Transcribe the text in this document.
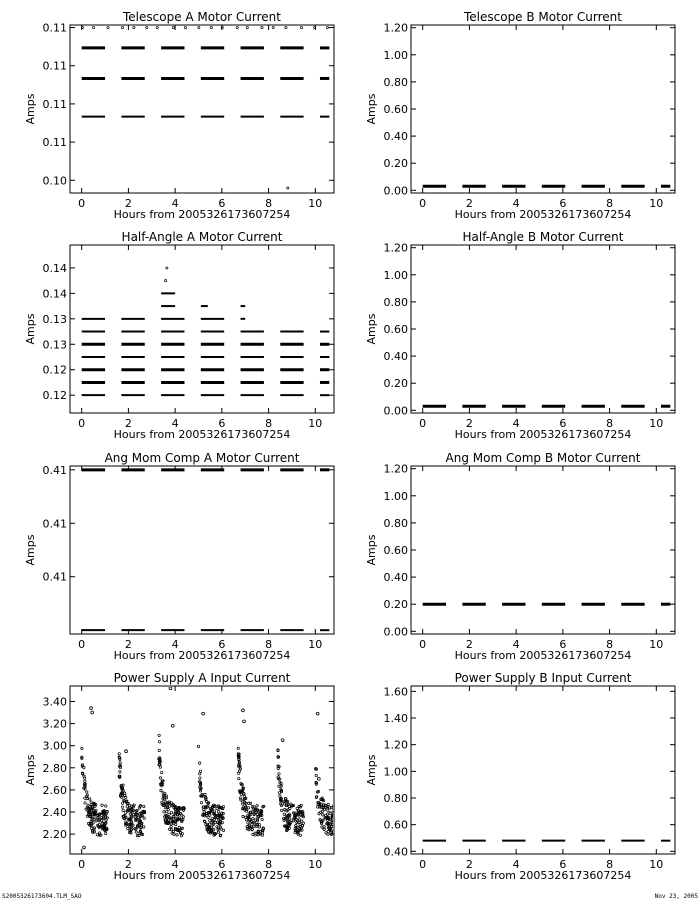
Telescope A Motor Current
0	2	4	6	8	10
0.10
0.11
0.11
0.11
0.11
Hours from 2005326173607254
Amps
Telescope B Motor Current
0	2	4	6	8	10
0.00
0.20
0.40
0.60
0.80
1.00
1.20
Hours from 2005326173607254
Amps
Half-Angle A Motor Current
0	2	4	6	8	10
0.12
0.12
0.13
0.13
0.14
0.14
Hours from 2005326173607254
Amps
Half-Angle B Motor Current
0	2	4	6	8	10
0.00
0.20
0.40
0.60
0.80
1.00
1.20
Hours from 2005326173607254
Amps
Ang Mom Comp A Motor Current
0	2	4	6	8	10
0.41
0.41
0.41
Hours from 2005326173607254
Amps
Ang Mom Comp B Motor Current
0	2	4	6	8	10
0.00
0.20
0.40
0.60
0.80
1.00
1.20
Hours from 2005326173607254
Amps
Power Supply A Input Current
0	2	4	6	8	10
2.20
2.40
2.60
2.80
3.00
3.20
3.40
Hours from 2005326173607254
Amps
Power Supply B Input Current
0	2	4	6	8	10
0.40
0.60
0.80
1.00
1.20
1.40
1.60
Hours from 2005326173607254
Amps
S2005326173604.TLM_SAO	Nov 23, 2005
